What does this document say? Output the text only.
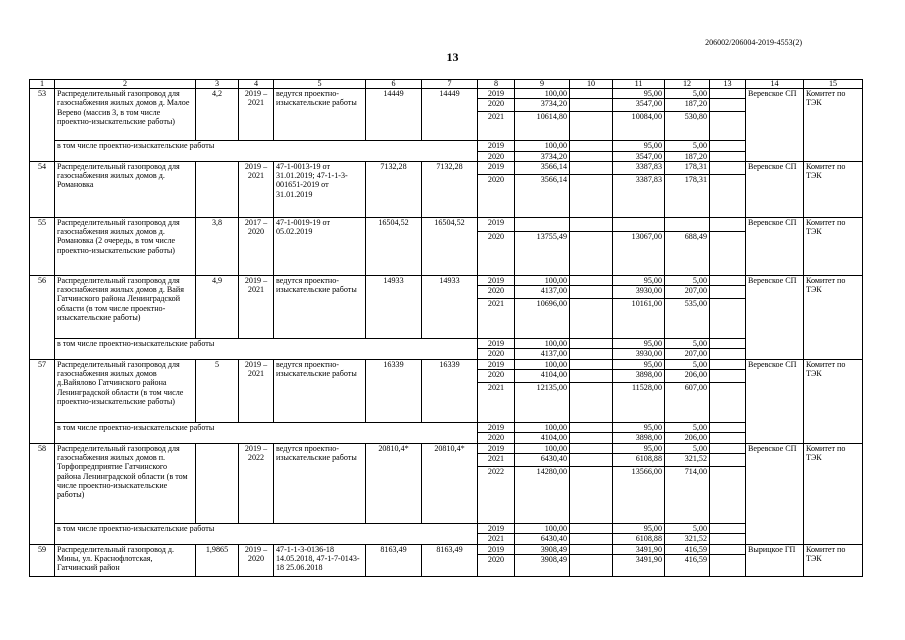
206002/206004-2019-4553(2)
13
1	2	3	4	5	6	7	8	9	10	11	12	13	14	15
53	Распределительный газопровод для газоснабжения жилых домов д. Малое Верево (массив 3, в том числе проектно-изыскательские работы)	4,2	2019 – 2021	ведутся проектно-изыскательские работы	14449	14449	2019	100,00		95,00	5,00		Веревское СП	Комитет по ТЭК
							2020	3734,20		3547,00	187,20			
							2021	10614,80		10084,00	530,80			
	в том числе проектно-изыскательские работы						2019	100,00		95,00	5,00			
							2020	3734,20		3547,00	187,20			
54	Распределительный газопровод для газоснабжения жилых домов д. Романовка		2019 – 2021	47-1-0013-19 от 31.01.2019; 47-1-1-3-001651-2019 от 31.01.2019	7132,28	7132,28	2019	3566,14		3387,83	178,31		Веревское СП	Комитет по ТЭК
							2020	3566,14		3387,83	178,31			
55	Распределительный газопровод для газоснабжения жилых домов д. Романовка (2 очередь, в том числе проектно-изыскательские работы)	3,8	2017 – 2020	47-1-0019-19 от 05.02.2019	16504,52	16504,52	2019						Веревское СП	Комитет по ТЭК
							2020	13755,49		13067,00	688,49			
56	Распределительный газопровод для газоснабжения жилых домов д. Вайя Гатчинского района Ленинградской области (в том числе проектно-изыскательские работы)	4,9	2019 – 2021	ведутся проектно-изыскательские работы	14933	14933	2019	100,00		95,00	5,00		Веревское СП	Комитет по ТЭК
							2020	4137,00		3930,00	207,00			
							2021	10696,00		10161,00	535,00			
	в том числе проектно-изыскательские работы						2019	100,00		95,00	5,00			
							2020	4137,00		3930,00	207,00			
57	Распределительный газопровод для газоснабжения жилых домов д.Вайялово Гатчинского района Ленинградской области (в том числе проектно-изыскательские работы)	5	2019 – 2021	ведутся проектно-изыскательские работы	16339	16339	2019	100,00		95,00	5,00		Веревское СП	Комитет по ТЭК
							2020	4104,00		3898,00	206,00			
							2021	12135,00		11528,00	607,00			
	в том числе проектно-изыскательские работы						2019	100,00		95,00	5,00			
							2020	4104,00		3898,00	206,00			
58	Распределительный газопровод для газоснабжения жилых домов п. Торфопредприятие Гатчинского района Ленинградской области (в том числе проектно-изыскательские работы)		2019 – 2022	ведутся проектно-изыскательские работы	20810,4*	20810,4*	2019	100,00		95,00	5,00		Веревское СП	Комитет по ТЭК
							2021	6430,40		6108,88	321,52			
							2022	14280,00		13566,00	714,00			
	в том числе проектно-изыскательские работы						2019	100,00		95,00	5,00			
							2021	6430,40		6108,88	321,52			
59	Распределительный газопровод д. Мины, ул. Краснофлотская, Гатчинский район	1,9865	2019 – 2020	47-1-1-3-0136-18 14.05.2018, 47-1-7-0143-18 25.06.2018	8163,49	8163,49	2019	3908,49		3491,90	416,59		Вырицкое ГП	Комитет по ТЭК
							2020	3908,49		3491,90	416,59			
